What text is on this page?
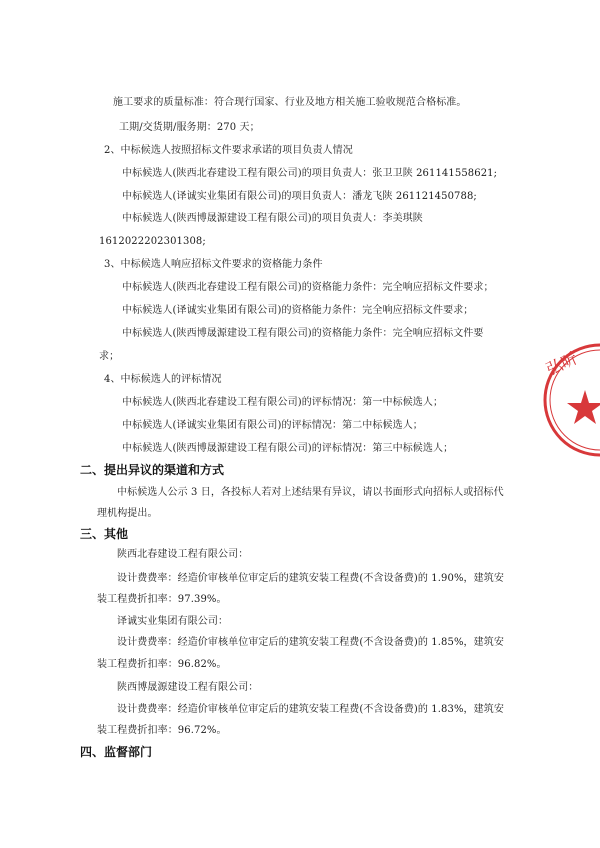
施工要求的质量标准：符合现行国家、行业及地方相关施工验收规范合格标准。
工期/交货期/服务期：270 天；
2、中标候选人按照招标文件要求承诺的项目负责人情况
中标候选人(陕西北春建设工程有限公司)的项目负责人：张卫卫陕 261141558621;
中标候选人(译诚实业集团有限公司)的项目负责人：潘龙飞陕 261121450788;
中标候选人(陕西博晟源建设工程有限公司)的项目负责人：李美琪陕
1612022202301308;
3、中标候选人响应招标文件要求的资格能力条件
中标候选人(陕西北春建设工程有限公司)的资格能力条件：完全响应招标文件要求；
中标候选人(译诚实业集团有限公司)的资格能力条件：完全响应招标文件要求；
中标候选人(陕西博晟源建设工程有限公司)的资格能力条件：完全响应招标文件要
求；
4、中标候选人的评标情况
中标候选人(陕西北春建设工程有限公司)的评标情况：第一中标候选人；
中标候选人(译诚实业集团有限公司)的评标情况：第二中标候选人；
中标候选人(陕西博晟源建设工程有限公司)的评标情况：第三中标候选人；
二、提出异议的渠道和方式
中标候选人公示 3 日，各投标人若对上述结果有异议，请以书面形式向招标人或招标代
理机构提出。
三、其他
陕西北春建设工程有限公司：
设计费费率：经造价审核单位审定后的建筑安装工程费(不含设备费)的 1.90%，建筑安
装工程费折扣率：97.39%。
译诚实业集团有限公司：
设计费费率：经造价审核单位审定后的建筑安装工程费(不含设备费)的 1.85%，建筑安
装工程费折扣率：96.82%。
陕西博晟源建设工程有限公司：
设计费费率：经造价审核单位审定后的建筑安装工程费(不含设备费)的 1.83%，建筑安
装工程费折扣率：96.72%。
四、监督部门
弘昕
